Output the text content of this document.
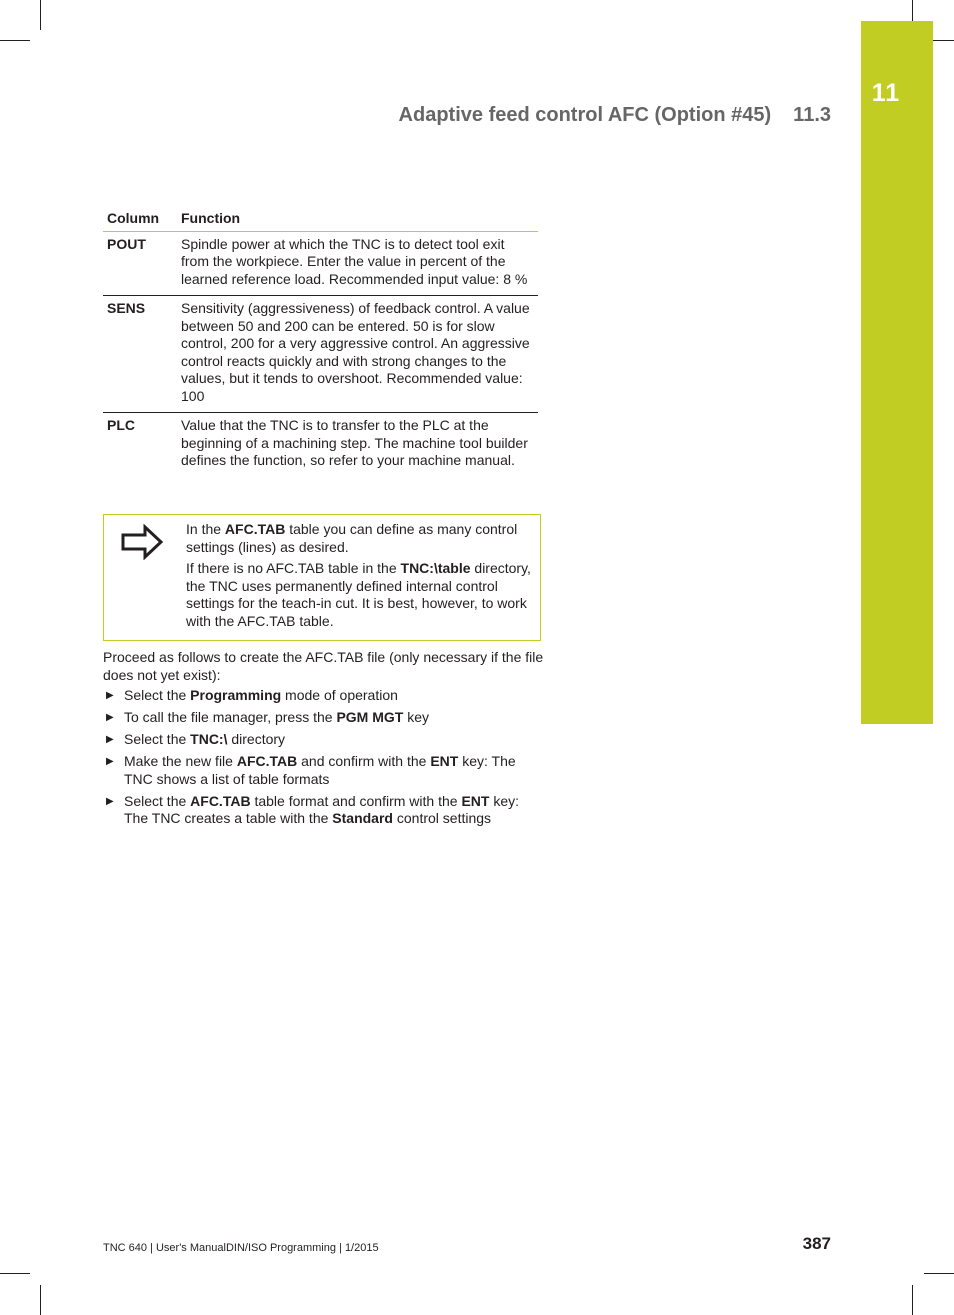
11
Adaptive feed control AFC (Option #45) 11.3
Column	Function
POUT	Spindle power at which the TNC is to detect tool exit from the workpiece. Enter the value in percent of the learned reference load. Recommended input value: 8 %
SENS	Sensitivity (aggressiveness) of feedback control. A value between 50 and 200 can be entered. 50 is for slow control, 200 for a very aggressive control. An aggressive control reacts quickly and with strong changes to the values, but it tends to overshoot. Recommended value: 100
PLC	Value that the TNC is to transfer to the PLC at the beginning of a machining step. The machine tool builder defines the function, so refer to your machine manual.

In the AFC.TAB table you can define as many control settings (lines) as desired.

If there is no AFC.TAB table in the TNC:\table directory, the TNC uses permanently defined internal control settings for the teach-in cut. It is best, however, to work with the AFC.TAB table.

Proceed as follows to create the AFC.TAB file (only necessary if the file does not yet exist):

▶ Select the Programming mode of operation
▶ To call the file manager, press the PGM MGT key
▶ Select the TNC:\ directory
▶ Make the new file AFC.TAB and confirm with the ENT key: The TNC shows a list of table formats
▶ Select the AFC.TAB table format and confirm with the ENT key: The TNC creates a table with the Standard control settings
TNC 640 | User's ManualDIN/ISO Programming | 1/2015	387
